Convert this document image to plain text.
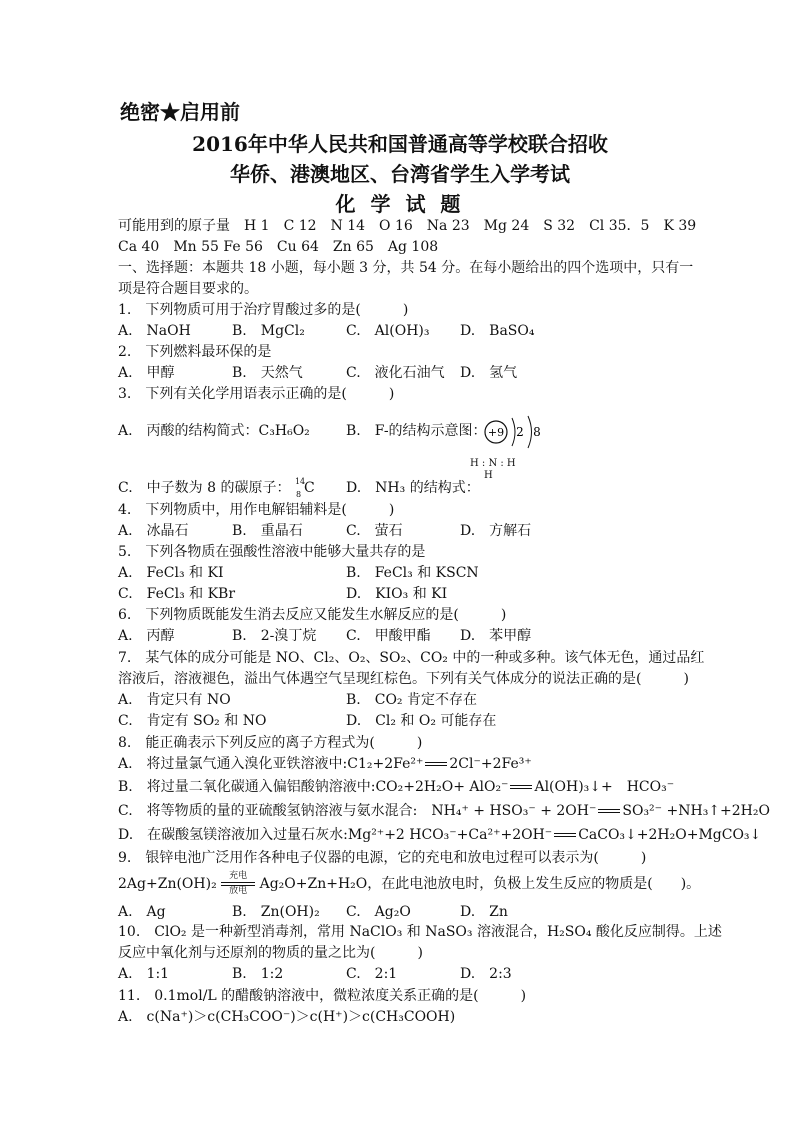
绝密★启用前
2016年中华人民共和国普通高等学校联合招收
华侨、港澳地区、台湾省学生入学考试
化 学 试 题
可能用到的原子量　H 1　C 12　N 14　O 16　Na 23　Mg 24　S 32　Cl 35．5　K 39
Ca 40　Mn 55 Fe 56　Cu 64　Zn 65　Ag 108
一、选择题：本题共 18 小题，每小题 3 分，共 54 分。在每小题给出的四个选项中，只有一
项是符合题目要求的。
1.　下列物质可用于治疗胃酸过多的是(　　　)
A.　NaOH	B.　MgCl₂	C.　Al(OH)₃ D.　BaSO₄
2.　下列燃料最环保的是
A.　甲醇	B.　天然气	C.　液化石油气 D.　氢气
3.　下列有关化学用语表示正确的是(　　　)
A.　丙酸的结构简式：C₃H₆O₂	B.　F-的结构示意图： +9 2 8
C.　中子数为 8 的碳原子： 14
8 C
H : N : H
H
D.　NH₃ 的结构式：
4.　下列物质中，用作电解铝辅料是(　　　)
A.　冰晶石	B.　重晶石	C.　萤石	D.　方解石
5.　下列各物质在强酸性溶液中能够大量共存的是
A.　FeCl₃ 和 KI	B.　FeCl₃ 和 KSCN
C.　FeCl₃ 和 KBr	D.　KIO₃ 和 KI
6.　下列物质既能发生消去反应又能发生水解反应的是(　　　)
A.　丙醇	B.　2-溴丁烷 C.　甲酸甲酯 D.　苯甲醇
7.　某气体的成分可能是 NO、Cl₂、O₂、SO₂、CO₂ 中的一种或多种。该气体无色，通过品红
溶液后，溶液褪色，溢出气体遇空气呈现红棕色。下列有关气体成分的说法正确的是(　　　)
A.　肯定只有 NO	B.　CO₂ 肯定不存在
C.　肯定有 SO₂ 和 NO	D.　Cl₂ 和 O₂ 可能存在
8.　能正确表示下列反应的离子方程式为(　　　)
A.　将过量氯气通入溴化亚铁溶液中:C1₂+2Fe²⁺ 2Cl⁻+2Fe³⁺
B.　将过量二氧化碳通入偏铝酸钠溶液中:CO₂+2H₂O+ AlO₂⁻ Al(OH)₃↓+　HCO₃⁻
C.　将等物质的量的亚硫酸氢钠溶液与氨水混合:　NH₄⁺ + HSO₃⁻ + 2OH⁻ SO₃²⁻ +NH₃↑+2H₂O
D.　在碳酸氢镁溶液加入过量石灰水:Mg²⁺+2 HCO₃⁻+Ca²⁺+2OH⁻ CaCO₃↓+2H₂O+MgCO₃↓
9.　银锌电池广泛用作各种电子仪器的电源，它的充电和放电过程可以表示为(　　　)
2Ag+Zn(OH)₂	充电
放电 Ag₂O+Zn+H₂O，在此电池放电时，负极上发生反应的物质是(　　)。
A.　Ag	B.　Zn(OH)₂ C.　Ag₂O	D.　Zn
10.　ClO₂ 是一种新型消毒剂，常用 NaClO₃ 和 NaSO₃ 溶液混合，H₂SO₄ 酸化反应制得。上述
反应中氧化剂与还原剂的物质的量之比为(　　　)
A.　1:1	B.　1:2	C.　2:1	D.　2:3
11.　0.1mol/L 的醋酸钠溶液中，微粒浓度关系正确的是(　　　)
A.　c(Na⁺)＞c(CH₃COO⁻)＞c(H⁺)＞c(CH₃COOH)
